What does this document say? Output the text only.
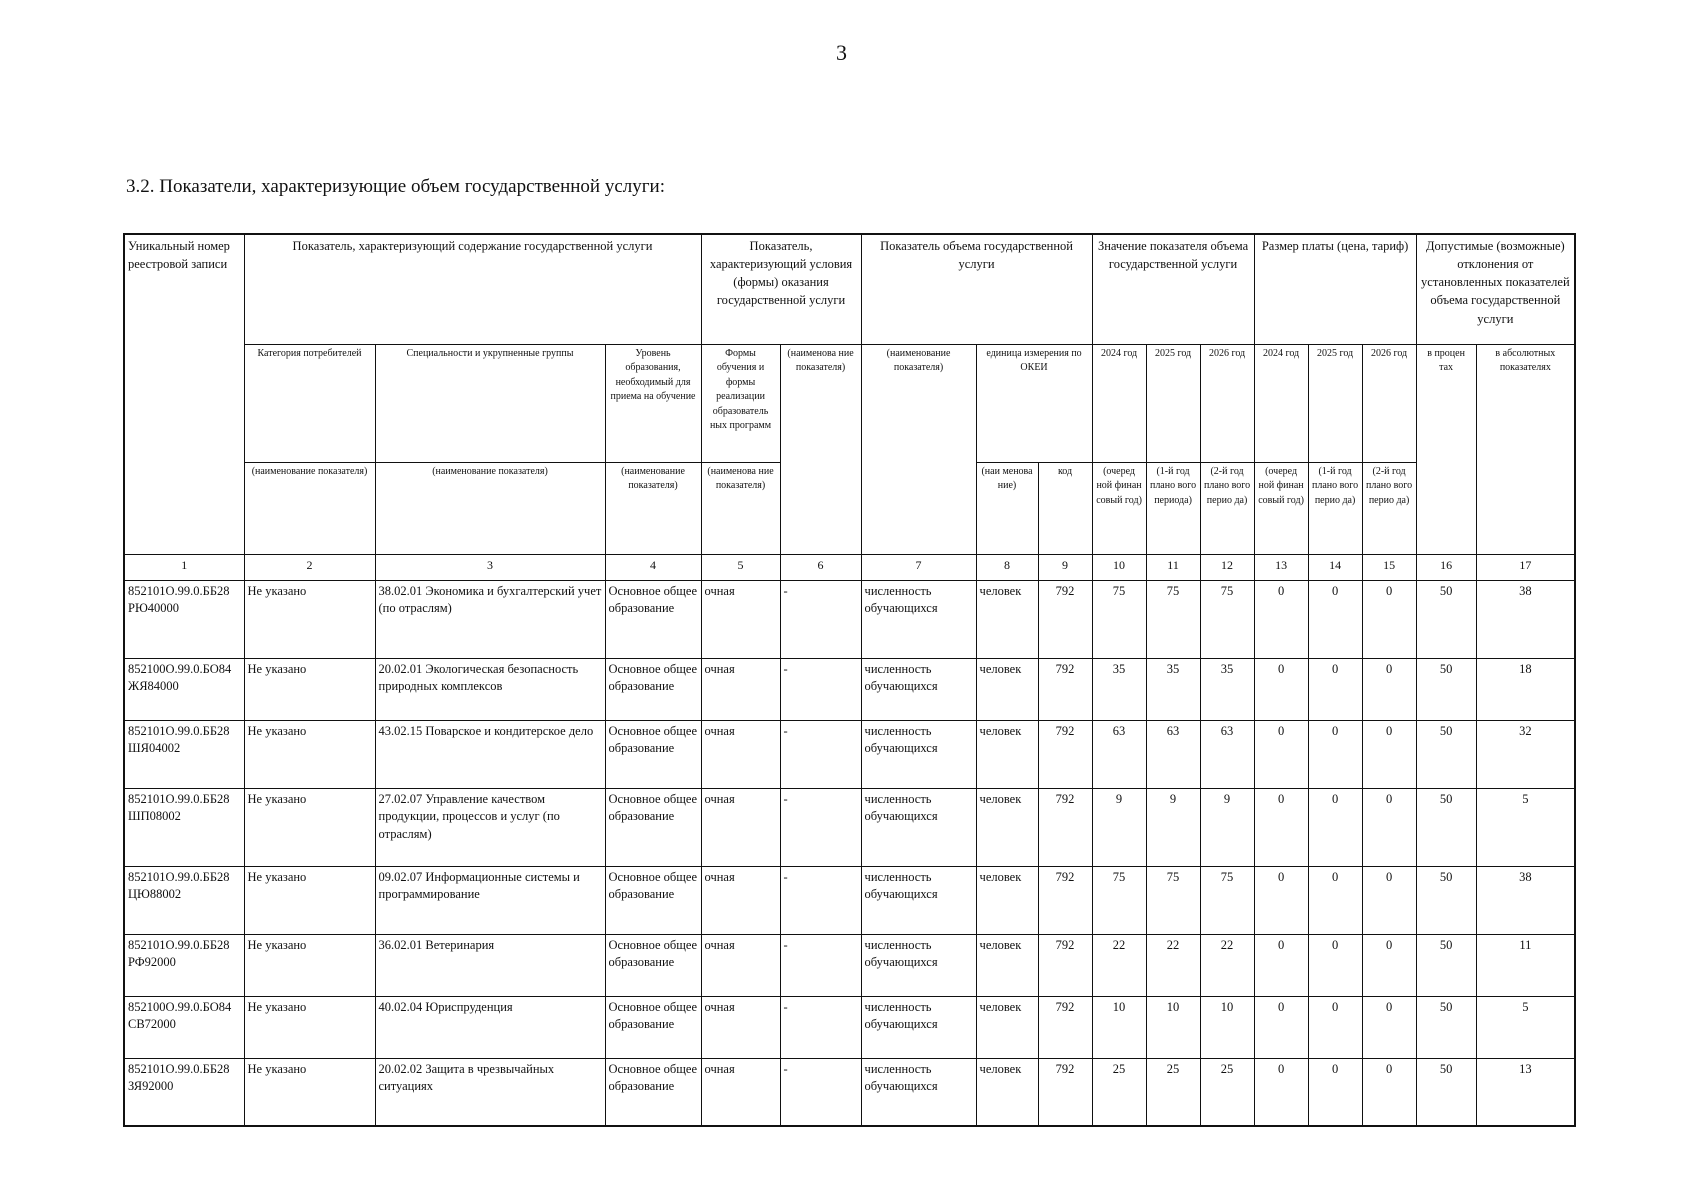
3
3.2. Показатели, характеризующие объем государственной услуги:
Уникальный номер реестровой записи	Показатель, характеризующий содержание государственной услуги			Показатель, характеризующий условия (формы) оказания государственной услуги		Показатель объема государственной услуги			Значение показателя объема государственной услуги			Размер платы (цена, тариф)			Допустимые (возможные) отклонения от установленных показателей объема государственной услуги	
	Категория потребителей	Специальности и укрупненные группы	Уровень образования, необходимый для приема на обучение	Формы обучения и формы реализации образователь ных программ	(наименова ние показателя)	(наименование показателя)	единица измерения по ОКЕИ		2024 год	2025 год	2026 год	2024 год	2025 год	2026 год	в процен тах	в абсолютных показателях
	(наименование показателя)	(наименование показателя)	(наименование показателя)	(наименова ние показателя)			(наи менова ние)	код	(очеред ной финан совый год)	(1-й год плано вого периода)	(2-й год плано вого перио да)	(очеред ной финан совый год)	(1-й год плано вого перио да)	(2-й год плано вого перио да)		
1	2	3	4	5	6	7	8	9	10	11	12	13	14	15	16	17
852101О.99.0.ББ28 РЮ40000	Не указано	38.02.01 Экономика и бухгалтерский учет (по отраслям)	Основное общее образование	очная	-	численность обучающихся	человек	792	75	75	75	0	0	0	50	38
852100О.99.0.БО84 ЖЯ84000	Не указано	20.02.01 Экологическая безопасность природных комплексов	Основное общее образование	очная	-	численность обучающихся	человек	792	35	35	35	0	0	0	50	18
852101О.99.0.ББ28 ШЯ04002	Не указано	43.02.15 Поварское и кондитерское дело	Основное общее образование	очная	-	численность обучающихся	человек	792	63	63	63	0	0	0	50	32
852101О.99.0.ББ28 ШП08002	Не указано	27.02.07 Управление качеством продукции, процессов и услуг (по отраслям)	Основное общее образование	очная	-	численность обучающихся	человек	792	9	9	9	0	0	0	50	5
852101О.99.0.ББ28 ЦЮ88002	Не указано	09.02.07 Информационные системы и программирование	Основное общее образование	очная	-	численность обучающихся	человек	792	75	75	75	0	0	0	50	38
852101О.99.0.ББ28 РФ92000	Не указано	36.02.01 Ветеринария	Основное общее образование	очная	-	численность обучающихся	человек	792	22	22	22	0	0	0	50	11
852100О.99.0.БО84 СВ72000	Не указано	40.02.04 Юриспруденция	Основное общее образование	очная	-	численность обучающихся	человек	792	10	10	10	0	0	0	50	5
852101О.99.0.ББ28 ЗЯ92000	Не указано	20.02.02 Защита в чрезвычайных ситуациях	Основное общее образование	очная	-	численность обучающихся	человек	792	25	25	25	0	0	0	50	13
